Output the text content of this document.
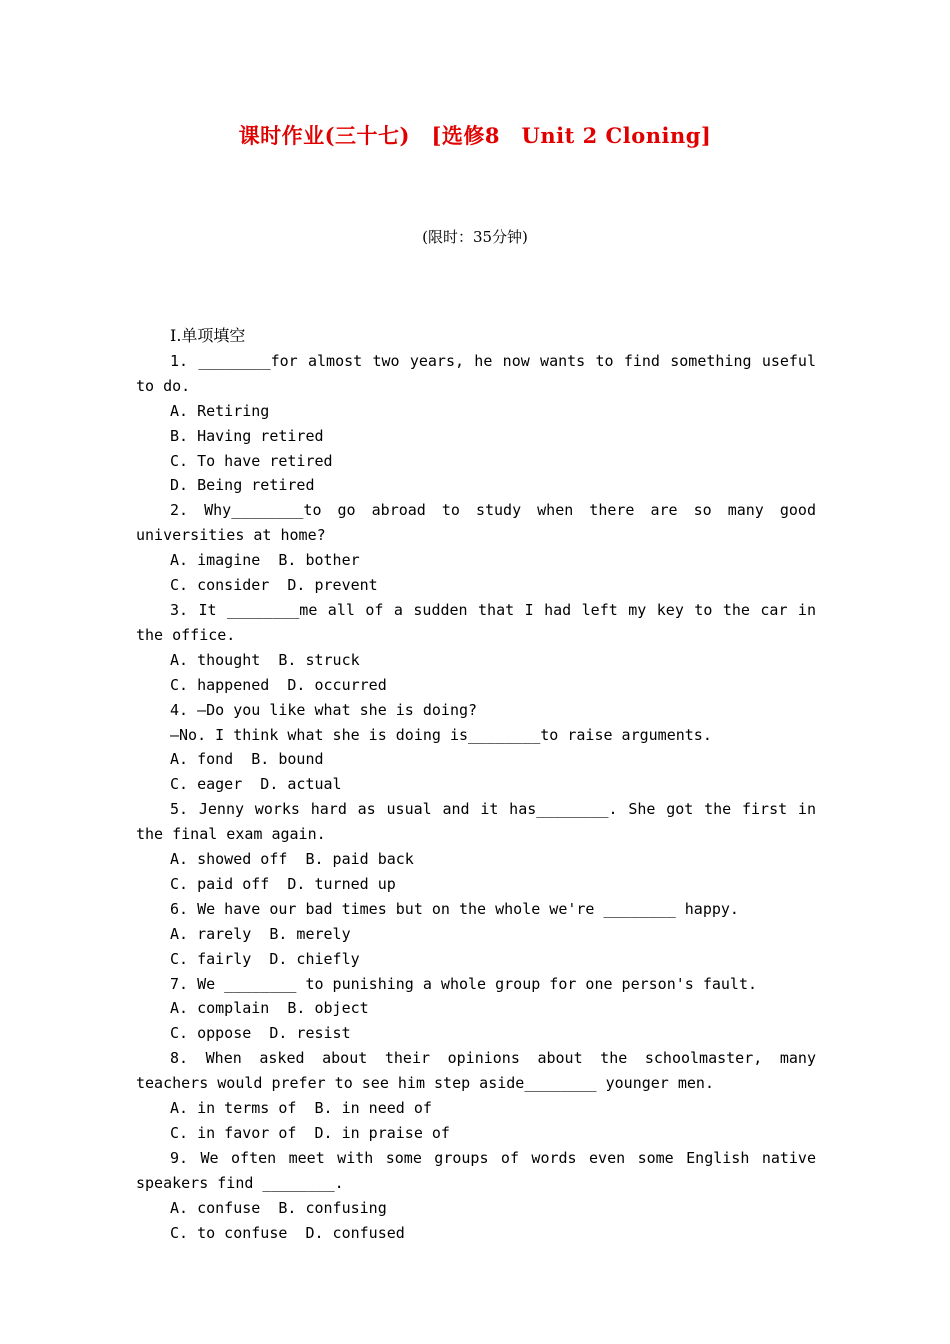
课时作业(三十七)　[选修8　Unit 2 Cloning]
(限时：35分钟)
Ⅰ.单项填空
1. ________for almost two years, he now wants to find something useful to do.
A. Retiring
B. Having retired
C. To have retired
D. Being retired
2. Why________to go abroad to study when there are so many good universities at home?
A. imagine  B. bother
C. consider  D. prevent
3. It ________me all of a sudden that I had left my key to the car in the office.
A. thought  B. struck
C. happened  D. occurred
4. —Do you like what she is doing?
—No. I think what she is doing is________to raise arguments.
A. fond  B. bound
C. eager  D. actual
5. Jenny works hard as usual and it has________. She got the first in the final exam again.
A. showed off  B. paid back
C. paid off  D. turned up
6. We have our bad times but on the whole we're ________ happy.
A. rarely  B. merely
C. fairly  D. chiefly
7. We ________ to punishing a whole group for one person's fault.
A. complain  B. object
C. oppose  D. resist
8. When asked about their opinions about the schoolmaster, many teachers would prefer to see him step aside________ younger men.
A. in terms of  B. in need of
C. in favor of  D. in praise of
9. We often meet with some groups of words even some English native speakers find ________.
A. confuse  B. confusing
C. to confuse  D. confused
